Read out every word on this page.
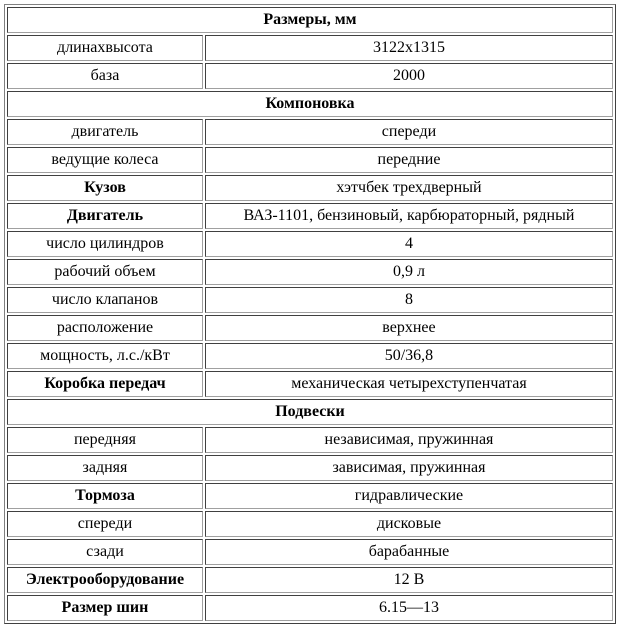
Размеры, мм	
длинахвысота	3122x1315
база	2000
Компоновка	
двигатель	спереди
ведущие колеса	передние
Кузов	хэтчбек трехдверный
Двигатель	ВАЗ-1101, бензиновый, карбюраторный, рядный
число цилиндров	4
рабочий объем	0,9 л
число клапанов	8
расположение	верхнее
мощность, л.с./кВт	50/36,8
Коробка передач	механическая четырехступенчатая
Подвески	
передняя	независимая, пружинная
задняя	зависимая, пружинная
Тормоза	гидравлические
спереди	дисковые
сзади	барабанные
Электрооборудование	12 В
Размер шин	6.15—13
